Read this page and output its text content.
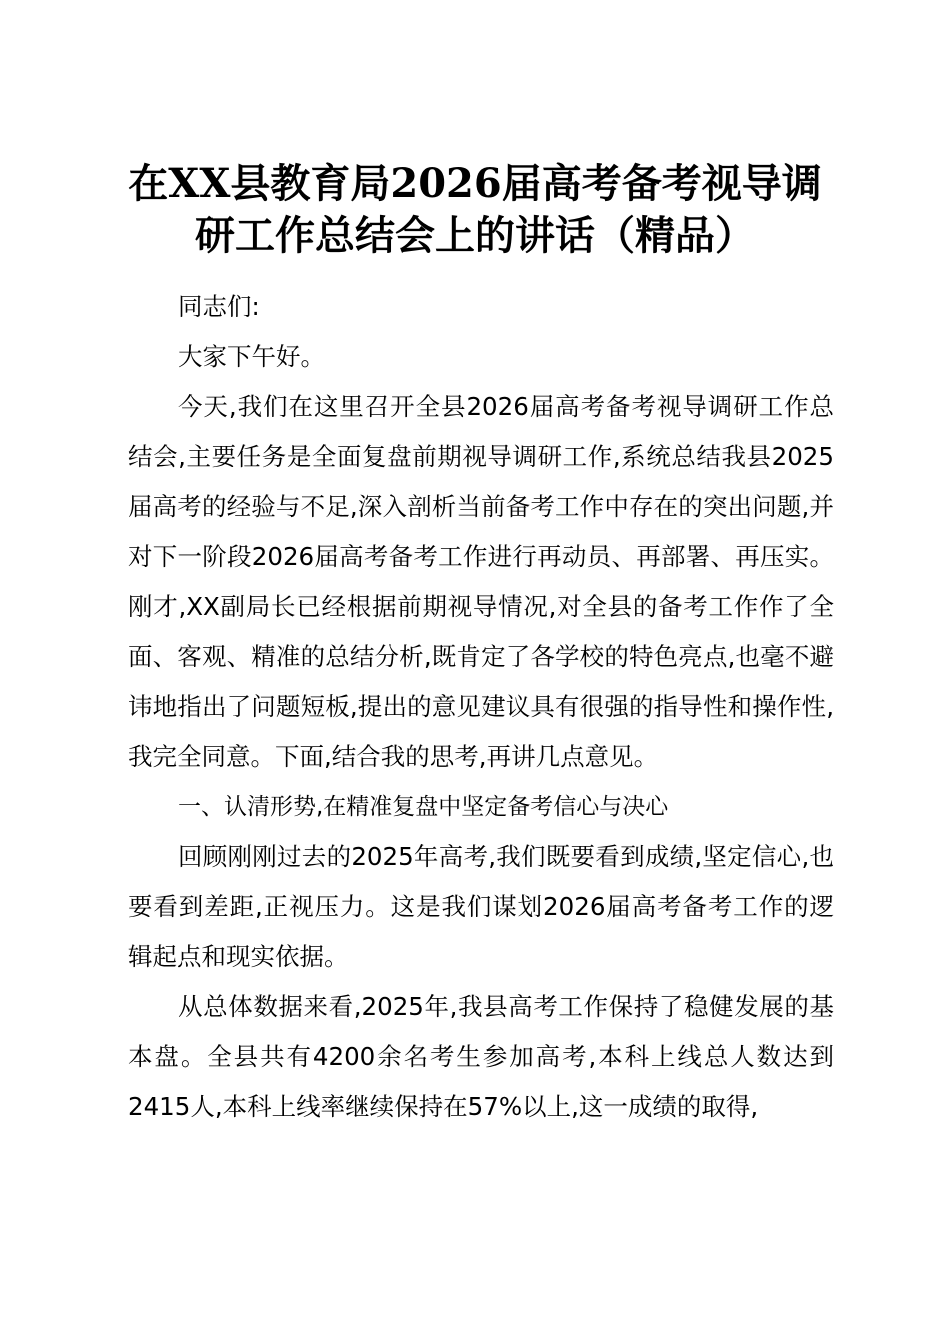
在XX县教育局2026届高考备考视导调
研工作总结会上的讲话（精品）

同志们:

大家下午好。

今天,我们在这里召开全县2026届高考备考视导调研工作总结会,主要任务是全面复盘前期视导调研工作,系统总结我县2025届高考的经验与不足,深入剖析当前备考工作中存在的突出问题,并对下一阶段2026届高考备考工作进行再动员、再部署、再压实。刚才,XX副局长已经根据前期视导情况,对全县的备考工作作了全面、客观、精准的总结分析,既肯定了各学校的特色亮点,也毫不避讳地指出了问题短板,提出的意见建议具有很强的指导性和操作性,我完全同意。下面,结合我的思考,再讲几点意见。

一、认清形势,在精准复盘中坚定备考信心与决心

回顾刚刚过去的2025年高考,我们既要看到成绩,坚定信心,也要看到差距,正视压力。这是我们谋划2026届高考备考工作的逻辑起点和现实依据。

从总体数据来看,2025年,我县高考工作保持了稳健发展的基本盘。全县共有4200余名考生参加高考,本科上线总人数达到2415人,本科上线率继续保持在57%以上,这一成绩的取得,
